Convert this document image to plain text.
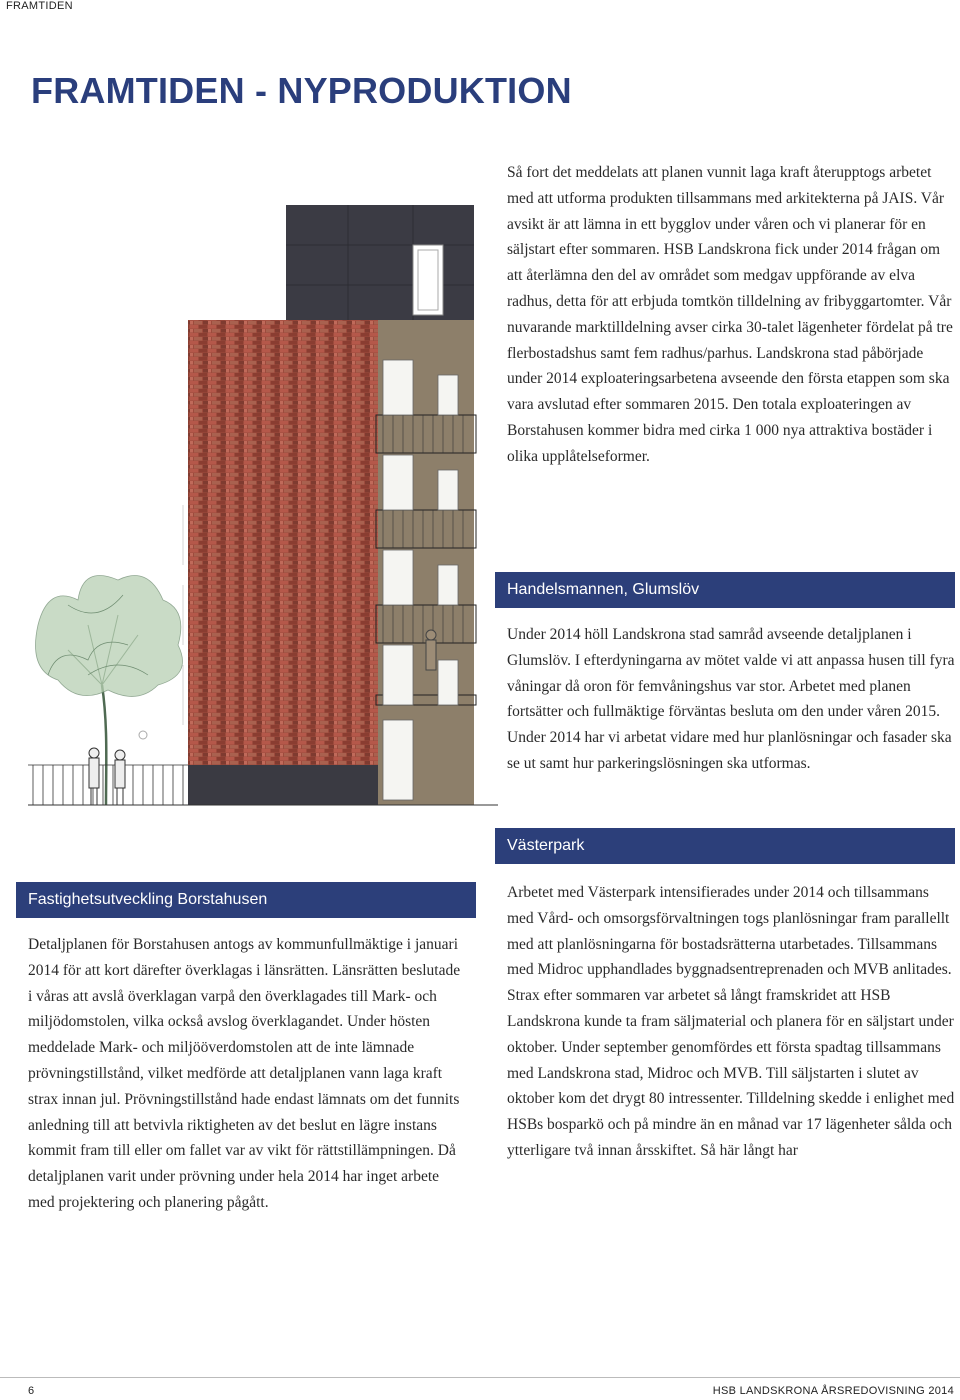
FRAMTIDEN
FRAMTIDEN - NYPRODUKTION

Så fort det meddelats att planen vunnit laga kraft återupptogs arbetet med att utforma produkten tillsammans med arkitekterna på JAIS. Vår avsikt är att lämna in ett bygglov under våren och vi planerar för en säljstart efter sommaren. HSB Landskrona fick under 2014 frågan om att återlämna den del av området som medgav uppförande av elva radhus, detta för att erbjuda tomtkön tilldelning av fribyggartomter. Vår nuvarande marktilldelning avser cirka 30-talet lägenheter fördelat på tre flerbostadshus samt fem radhus/parhus. Landskrona stad påbörjade under 2014 exploateringsarbetena avseende den första etappen som ska vara avslutad efter sommaren 2015. Den totala exploateringen av Borstahusen kommer bidra med cirka 1 000 nya attraktiva bostäder i olika upplåtelseformer.

Handelsmannen, Glumslöv

Under 2014 höll Landskrona stad samråd avseende detaljplanen i Glumslöv. I efterdyningarna av mötet valde vi att anpassa husen till fyra våningar då oron för femvåningshus var stor. Arbetet med planen fortsätter och fullmäktige förväntas besluta om den under våren 2015. Under 2014 har vi arbetat vidare med hur planlösningar och fasader ska se ut samt hur parkeringslösningen ska utformas.

Västerpark

Arbetet med Västerpark intensifierades under 2014 och tillsammans med Vård- och omsorgsförvaltningen togs planlösningar fram parallellt med att planlösningarna för bostadsrätterna utarbetades. Tillsammans med Midroc upphandlades byggnadsentreprenaden och MVB anlitades. Strax efter sommaren var arbetet så långt framskridet att HSB Landskrona kunde ta fram säljmaterial och planera för en säljstart under oktober. Under september genomfördes ett första spadtag tillsammans med Landskrona stad, Midroc och MVB. Till säljstarten i slutet av oktober kom det drygt 80 intressenter. Tilldelning skedde i enlighet med HSBs bosparkö och på mindre än en månad var 17 lägenheter sålda och ytterligare två innan årsskiftet. Så här långt har

Fastighetsutveckling Borstahusen

Detaljplanen för Borstahusen antogs av kommunfullmäktige i januari 2014 för att kort därefter överklagas i länsrätten. Länsrätten beslutade i våras att avslå överklagan varpå den överklagades till Mark- och miljödomstolen, vilka också avslog överklagandet. Under hösten meddelade Mark- och miljööverdomstolen att de inte lämnade prövningstillstånd, vilket medförde att detaljplanen vann laga kraft strax innan jul. Prövningstillstånd hade endast lämnats om det funnits anledning till att betvivla riktigheten av det beslut en lägre instans kommit fram till eller om fallet var av vikt för rättstillämpningen. Då detaljplanen varit under prövning under hela 2014 har inget arbete med projektering och planering pågått.

6	HSB LANDSKRONA ÅRSREDOVISNING 2014
